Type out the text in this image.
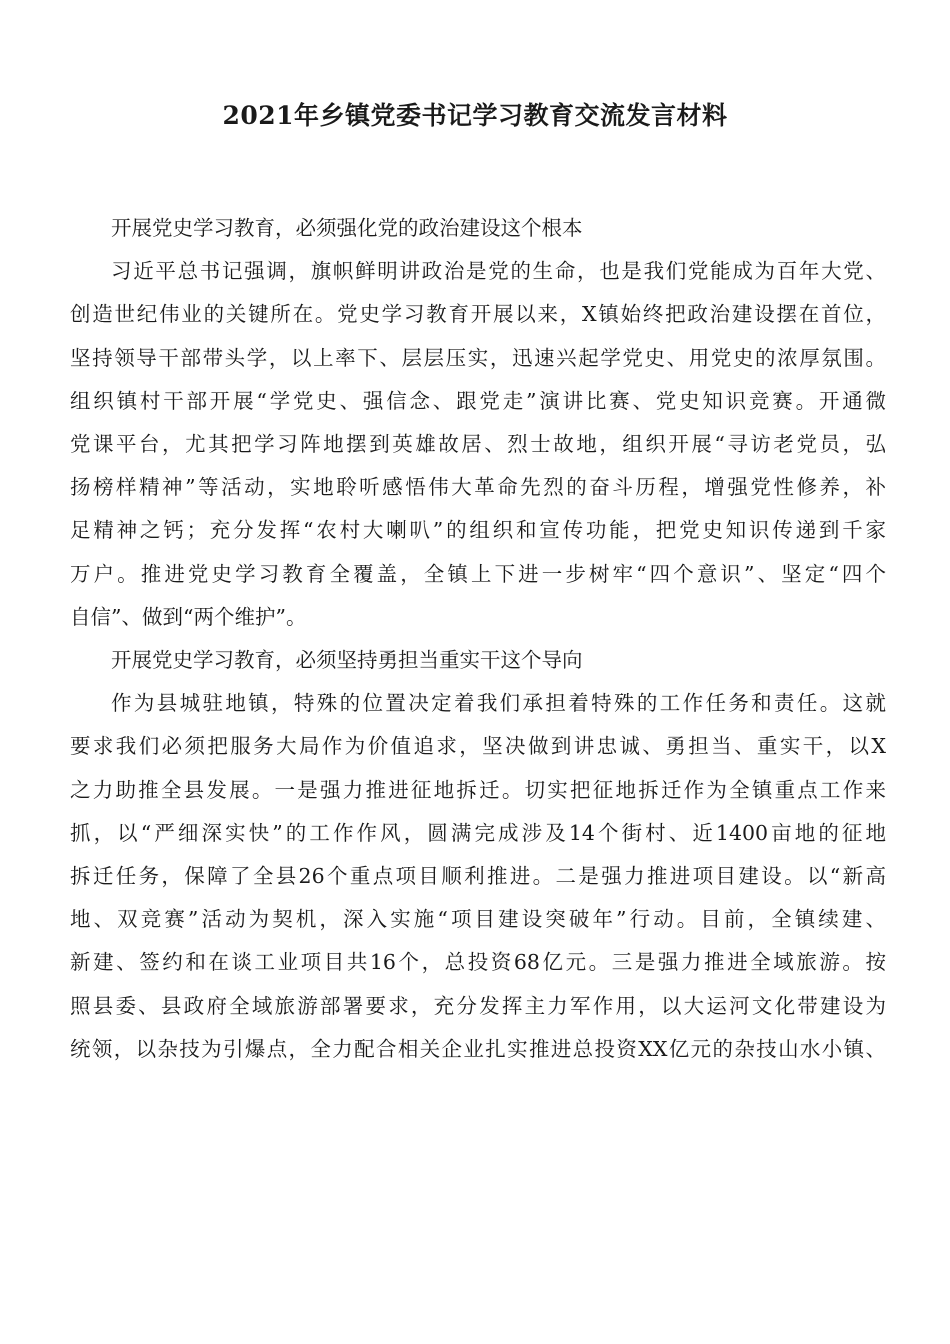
2021年乡镇党委书记学习教育交流发言材料
开展党史学习教育，必须强化党的政治建设这个根本
习近平总书记强调，旗帜鲜明讲政治是党的生命，也是我们党能成为百年大党、
创造世纪伟业的关键所在。党史学习教育开展以来，X镇始终把政治建设摆在首位，
坚持领导干部带头学，以上率下、层层压实，迅速兴起学党史、用党史的浓厚氛围。
组织镇村干部开展“学党史、强信念、跟党走”演讲比赛、党史知识竞赛。开通微
党课平台，尤其把学习阵地摆到英雄故居、烈士故地，组织开展“寻访老党员，弘
扬榜样精神”等活动，实地聆听感悟伟大革命先烈的奋斗历程，增强党性修养，补
足精神之钙；充分发挥“农村大喇叭”的组织和宣传功能，把党史知识传递到千家
万户。推进党史学习教育全覆盖，全镇上下进一步树牢“四个意识”、坚定“四个
自信”、做到“两个维护”。
开展党史学习教育，必须坚持勇担当重实干这个导向
作为县城驻地镇，特殊的位置决定着我们承担着特殊的工作任务和责任。这就
要求我们必须把服务大局作为价值追求，坚决做到讲忠诚、勇担当、重实干，以X
之力助推全县发展。一是强力推进征地拆迁。切实把征地拆迁作为全镇重点工作来
抓，以“严细深实快”的工作作风，圆满完成涉及14个街村、近1400亩地的征地
拆迁任务，保障了全县26个重点项目顺利推进。二是强力推进项目建设。以“新高
地、双竞赛”活动为契机，深入实施“项目建设突破年”行动。目前，全镇续建、
新建、签约和在谈工业项目共16个，总投资68亿元。三是强力推进全域旅游。按
照县委、县政府全域旅游部署要求，充分发挥主力军作用，以大运河文化带建设为
统领，以杂技为引爆点，全力配合相关企业扎实推进总投资XX亿元的杂技山水小镇、
